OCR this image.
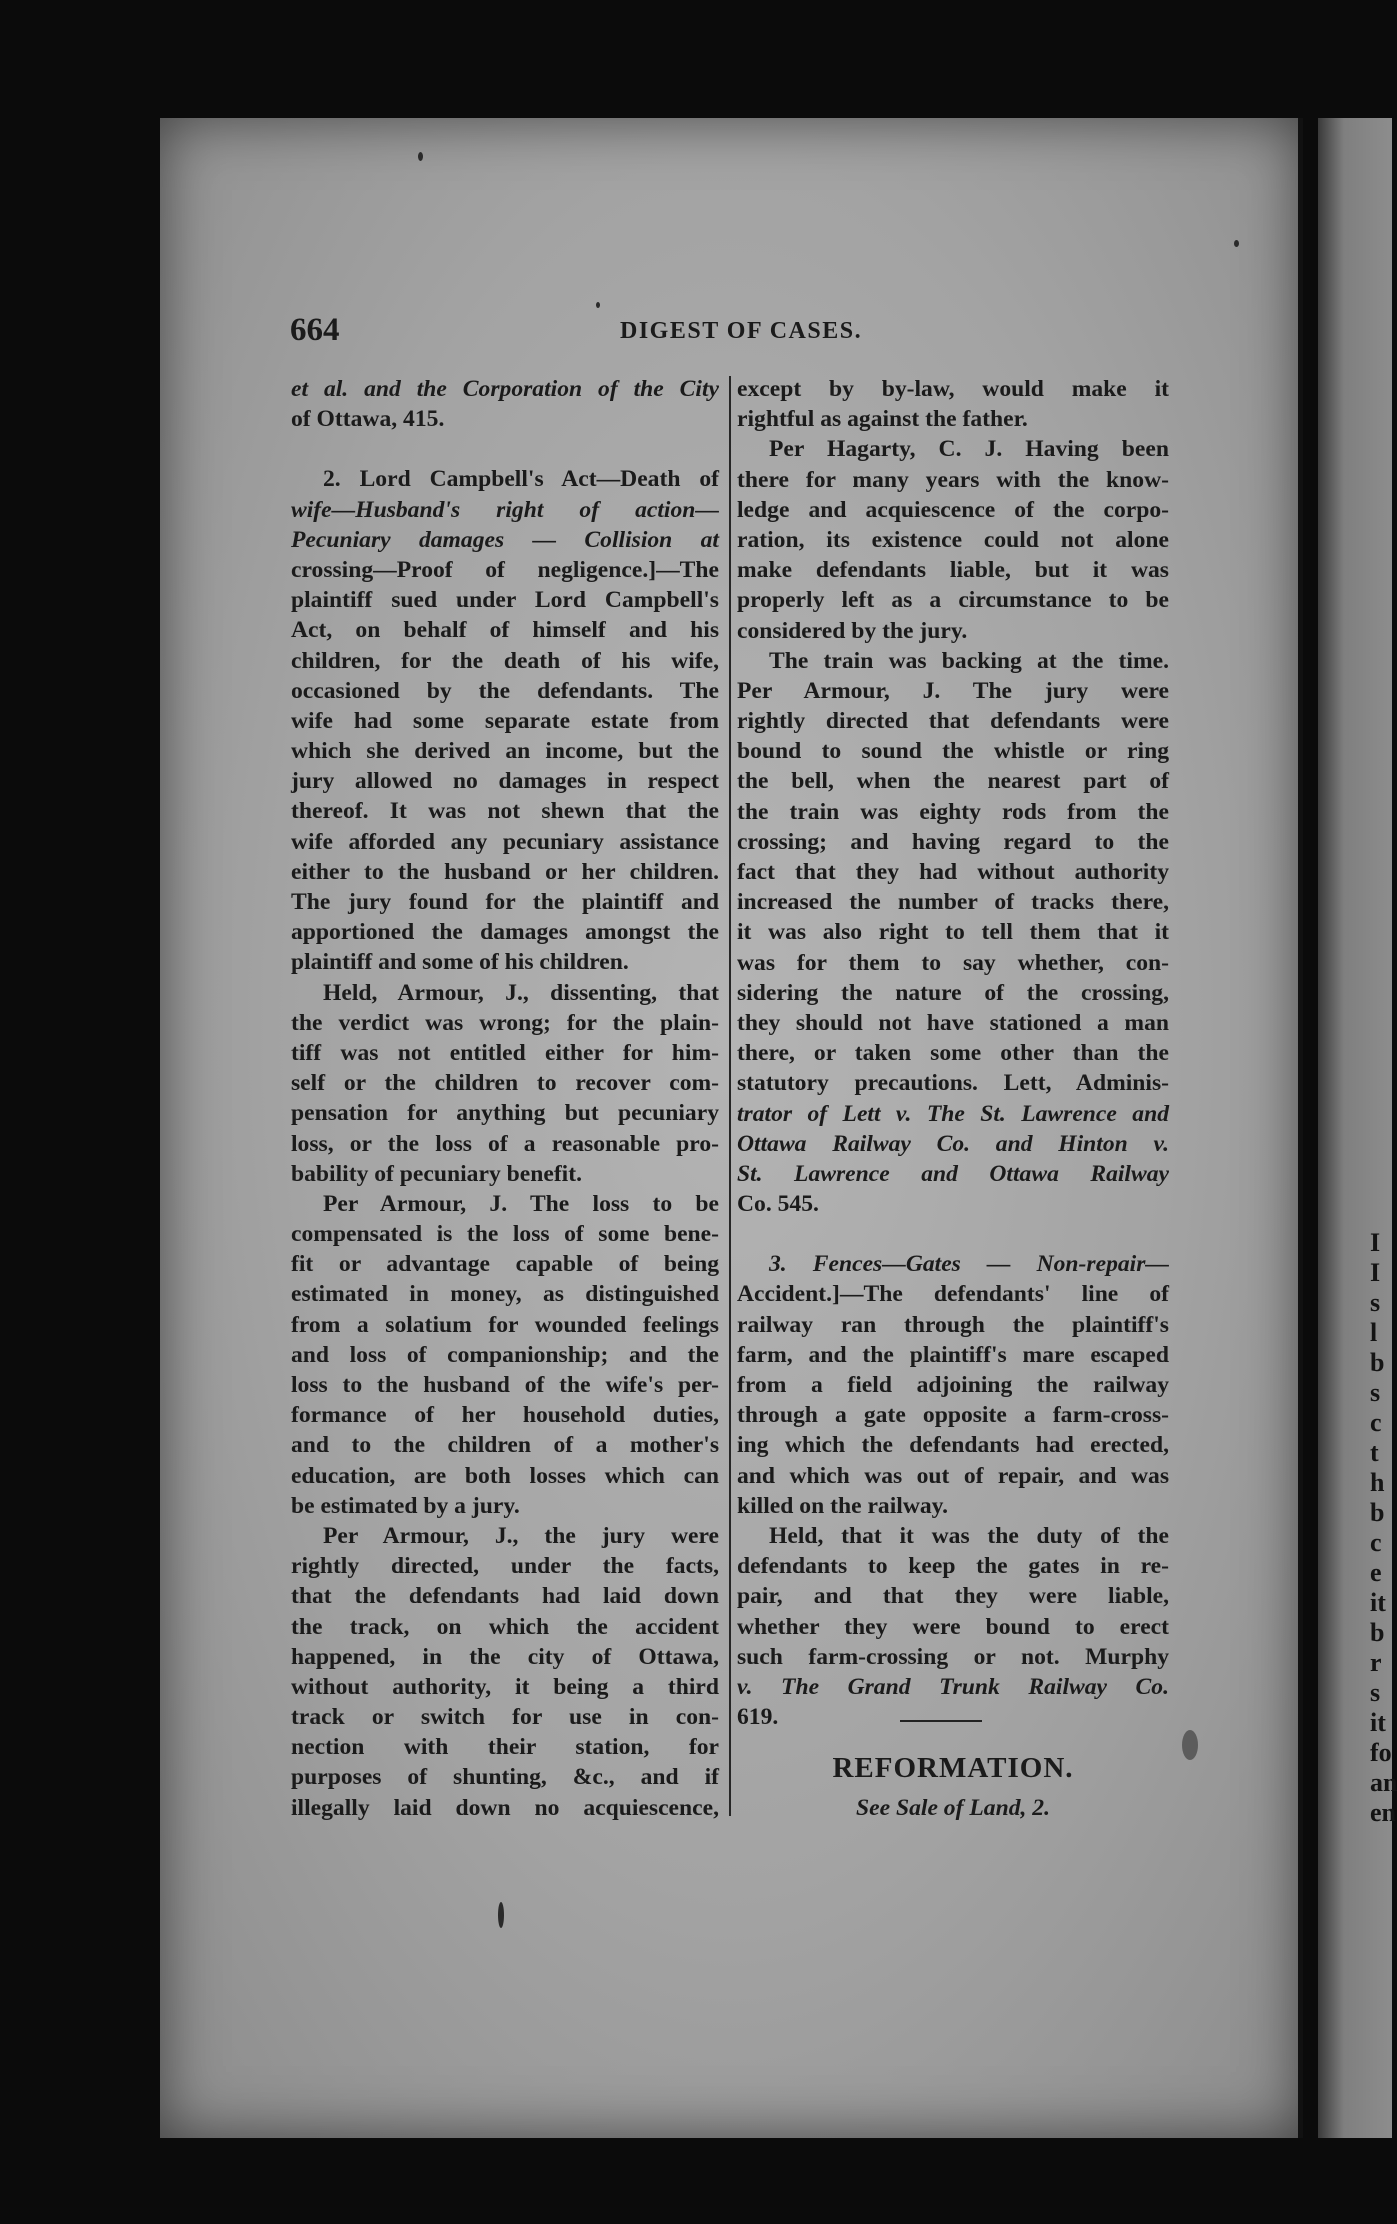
I
I
s
l
b
s
c
t
h
b
c
e
it
b
r
s
it
fo
an
en
664	DIGEST OF CASES.
et al. and the Corporation of the City
of Ottawa, 415.
2. Lord Campbell's Act—Death of
wife—Husband's right of action—
Pecuniary damages — Collision at
crossing—Proof of negligence.]—The
plaintiff sued under Lord Campbell's
Act, on behalf of himself and his
children, for the death of his wife,
occasioned by the defendants. The
wife had some separate estate from
which she derived an income, but the
jury allowed no damages in respect
thereof. It was not shewn that the
wife afforded any pecuniary assistance
either to the husband or her children.
The jury found for the plaintiff and
apportioned the damages amongst the
plaintiff and some of his children.
Held, Armour, J., dissenting, that
the verdict was wrong; for the plain-
tiff was not entitled either for him-
self or the children to recover com-
pensation for anything but pecuniary
loss, or the loss of a reasonable pro-
bability of pecuniary benefit.
Per Armour, J. The loss to be
compensated is the loss of some bene-
fit or advantage capable of being
estimated in money, as distinguished
from a solatium for wounded feelings
and loss of companionship; and the
loss to the husband of the wife's per-
formance of her household duties,
and to the children of a mother's
education, are both losses which can
be estimated by a jury.
Per Armour, J., the jury were
rightly directed, under the facts,
that the defendants had laid down
the track, on which the accident
happened, in the city of Ottawa,
without authority, it being a third
track or switch for use in con-
nection with their station, for
purposes of shunting, &c., and if
illegally laid down no acquiescence,
except by by-law, would make it
rightful as against the father.
Per Hagarty, C. J. Having been
there for many years with the know-
ledge and acquiescence of the corpo-
ration, its existence could not alone
make defendants liable, but it was
properly left as a circumstance to be
considered by the jury.
The train was backing at the time.
Per Armour, J. The jury were
rightly directed that defendants were
bound to sound the whistle or ring
the bell, when the nearest part of
the train was eighty rods from the
crossing; and having regard to the
fact that they had without authority
increased the number of tracks there,
it was also right to tell them that it
was for them to say whether, con-
sidering the nature of the crossing,
they should not have stationed a man
there, or taken some other than the
statutory precautions. Lett, Adminis-
trator of Lett v. The St. Lawrence and
Ottawa Railway Co. and Hinton v.
St. Lawrence and Ottawa Railway
Co. 545.
3. Fences—Gates — Non-repair—
Accident.]—The defendants' line of
railway ran through the plaintiff's
farm, and the plaintiff's mare escaped
from a field adjoining the railway
through a gate opposite a farm-cross-
ing which the defendants had erected,
and which was out of repair, and was
killed on the railway.
Held, that it was the duty of the
defendants to keep the gates in re-
pair, and that they were liable,
whether they were bound to erect
such farm-crossing or not. Murphy
v. The Grand Trunk Railway Co.
619.
REFORMATION.
See Sale of Land, 2.
